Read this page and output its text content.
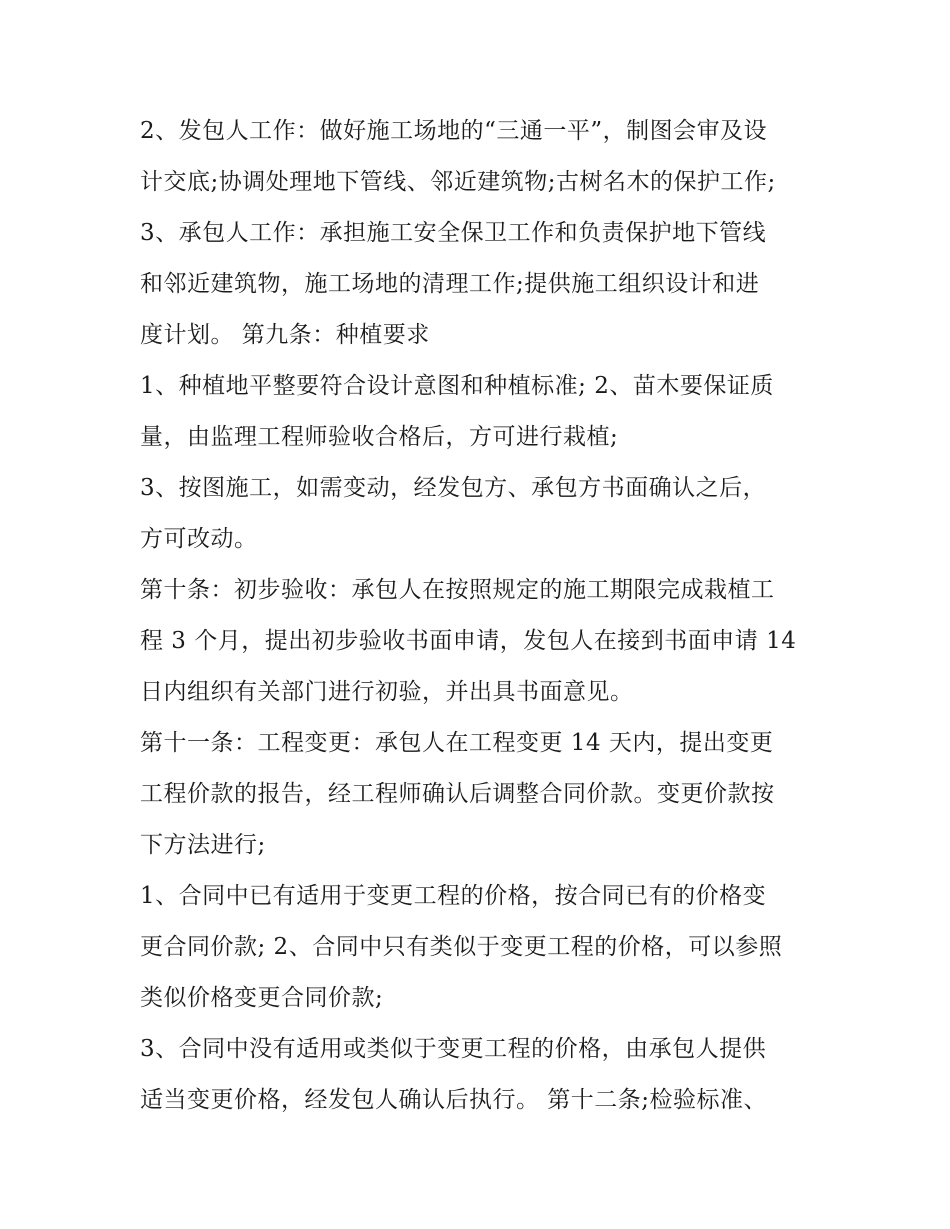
2、发包人工作：做好施工场地的“三通一平”，制图会审及设
计交底;协调处理地下管线、邻近建筑物;古树名木的保护工作;
3、承包人工作：承担施工安全保卫工作和负责保护地下管线
和邻近建筑物，施工场地的清理工作;提供施工组织设计和进
度计划。 第九条：种植要求
1、种植地平整要符合设计意图和种植标准; 2、苗木要保证质
量，由监理工程师验收合格后，方可进行栽植;
3、按图施工，如需变动，经发包方、承包方书面确认之后，
方可改动。
第十条：初步验收：承包人在按照规定的施工期限完成栽植工
程 3 个月，提出初步验收书面申请，发包人在接到书面申请 14
日内组织有关部门进行初验，并出具书面意见。
第十一条：工程变更：承包人在工程变更 14 天内，提出变更
工程价款的报告，经工程师确认后调整合同价款。变更价款按
下方法进行;
1、合同中已有适用于变更工程的价格，按合同已有的价格变
更合同价款; 2、合同中只有类似于变更工程的价格，可以参照
类似价格变更合同价款;
3、合同中没有适用或类似于变更工程的价格，由承包人提供
适当变更价格，经发包人确认后执行。 第十二条;检验标准、
